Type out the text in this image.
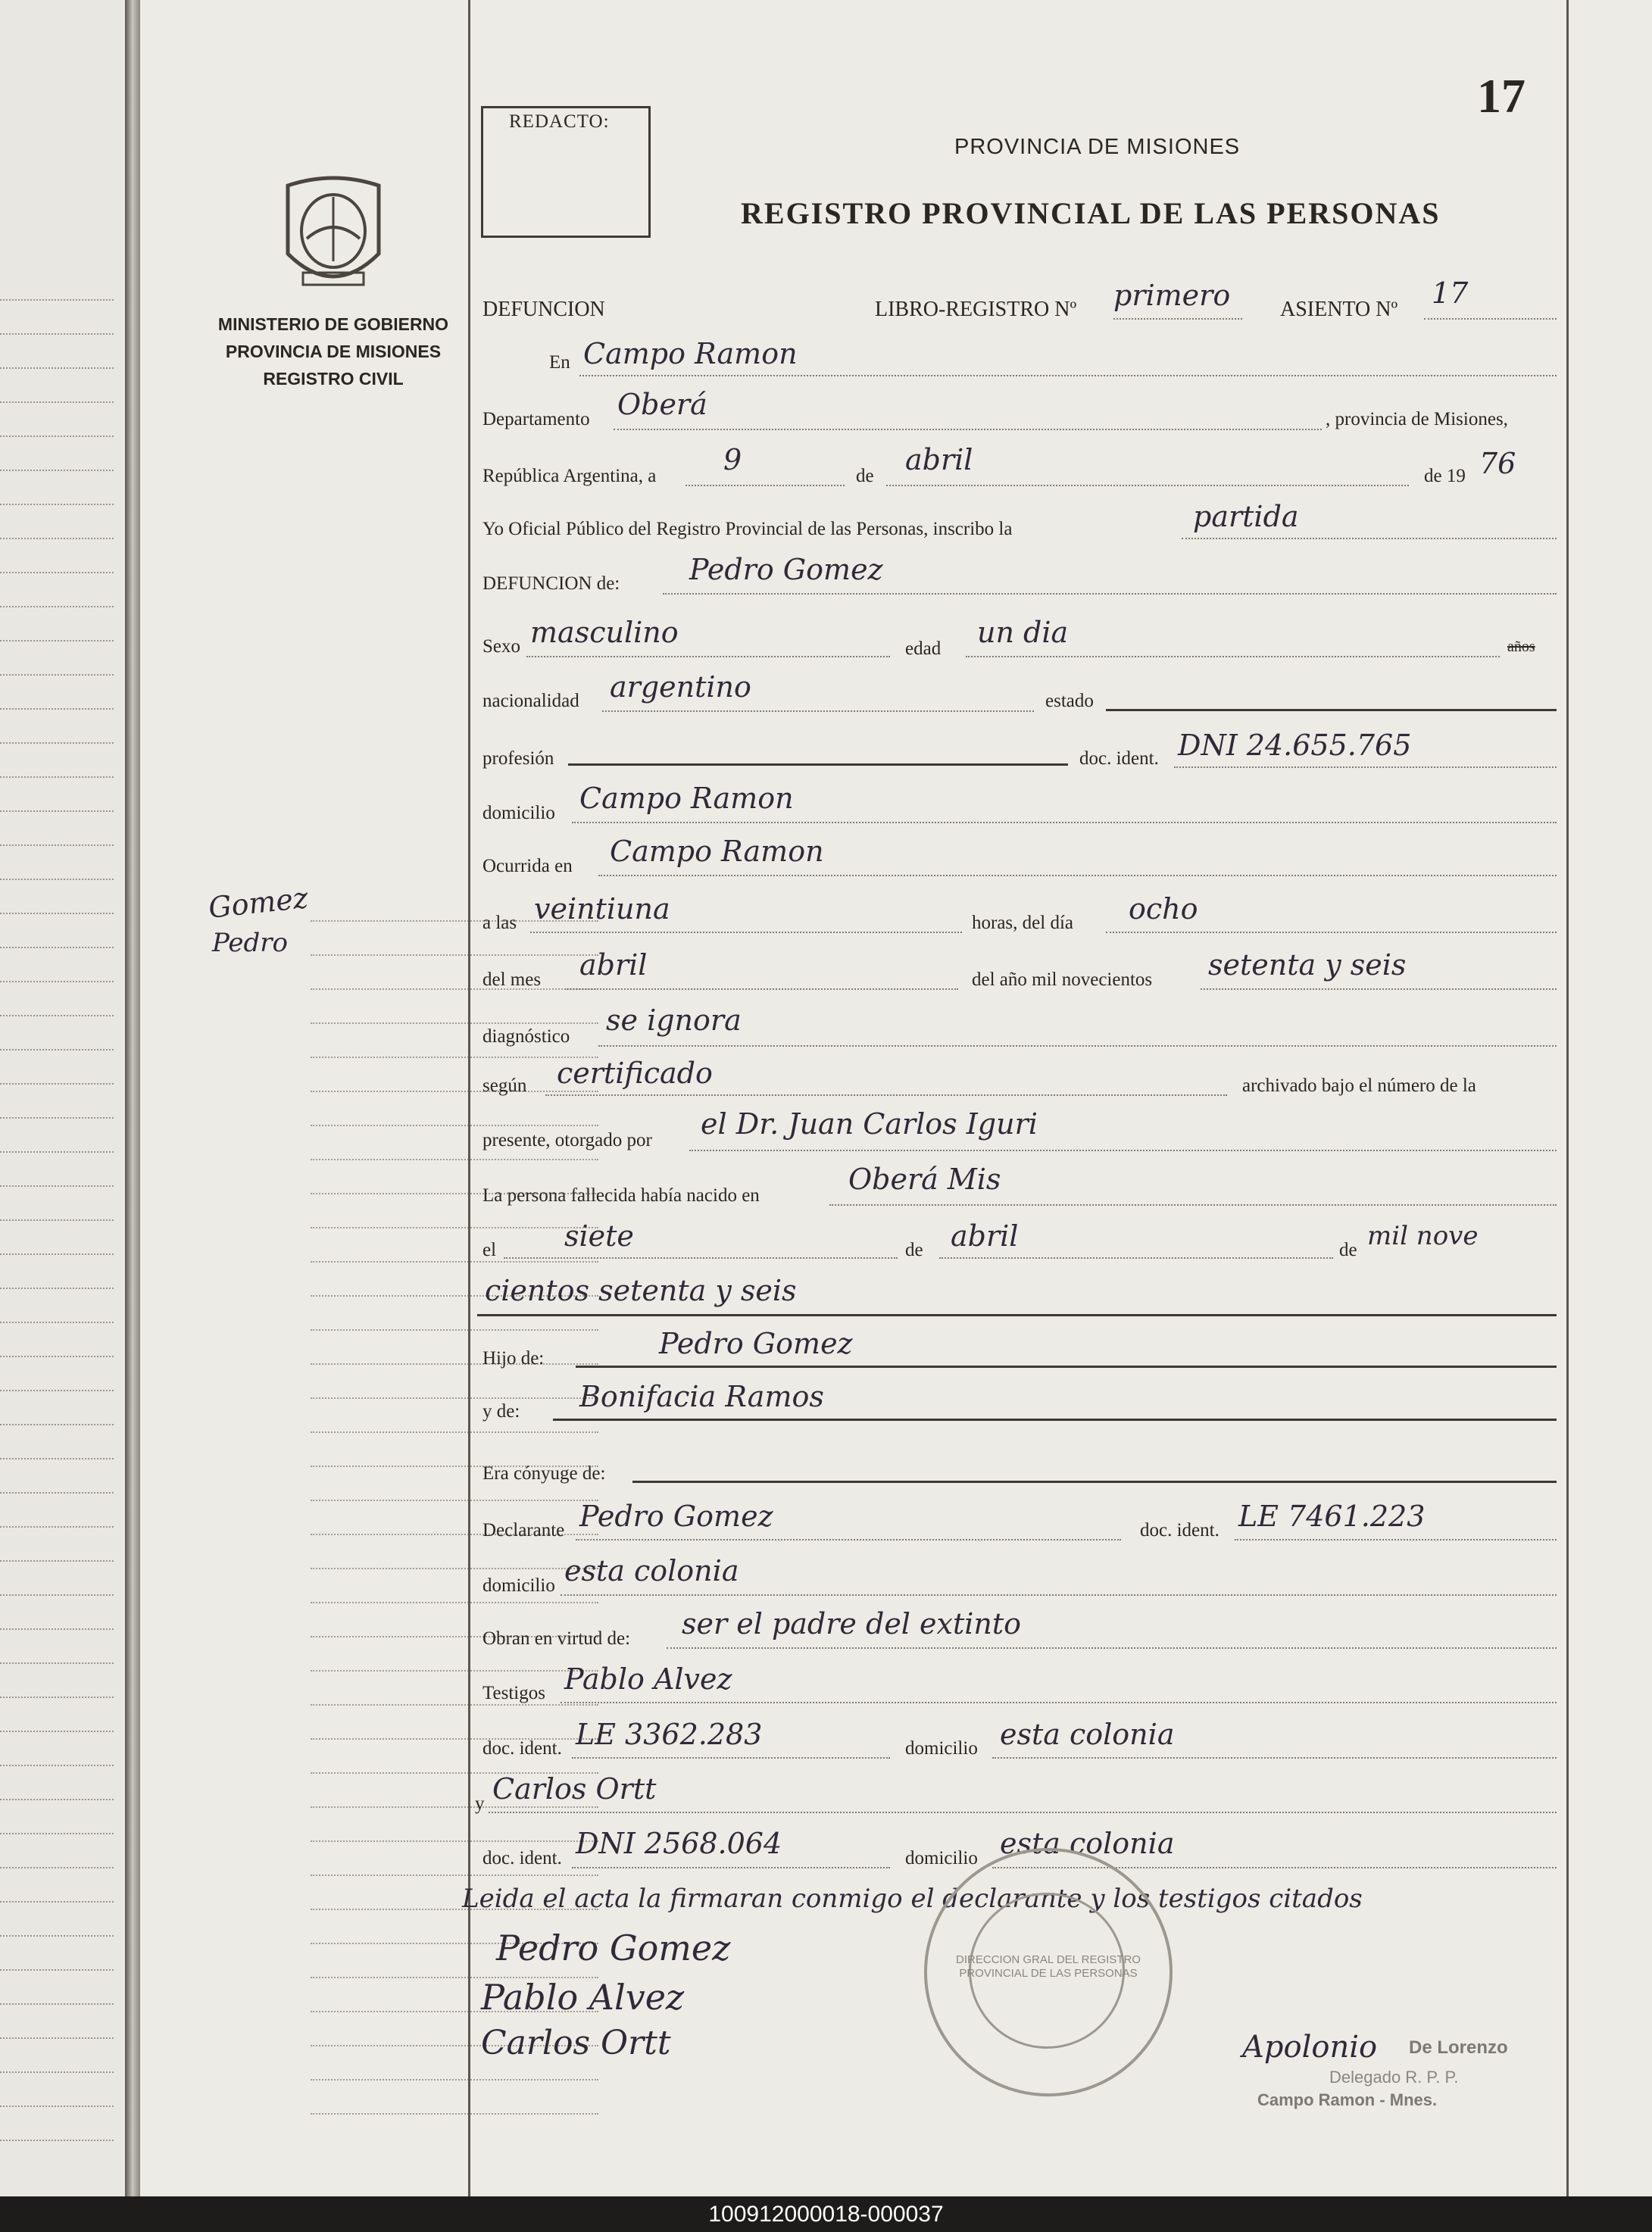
MINISTERIO DE GOBIERNO
PROVINCIA DE MISIONES
REGISTRO CIVIL
Gomez
Pedro
REDACTO:	17
PROVINCIA DE MISIONES
REGISTRO PROVINCIAL DE LAS PERSONAS
DEFUNCION	LIBRO-REGISTRO Nº primero ASIENTO Nº 17
En Campo Ramon
Departamento Oberá	, provincia de Misiones,
República Argentina, a 9	de abril	de 19 76
Yo Oficial Público del Registro Provincial de las Personas, inscribo la	partida
DEFUNCION de: Pedro Gomez
Sexo masculino	edad un dia	años
nacionalidad argentino	estado
profesión	doc. ident. DNI 24.655.765
domicilio Campo Ramon
Ocurrida en Campo Ramon
a las veintiuna	horas, del día ocho
del mes abril	del año mil novecientos setenta y seis
diagnóstico se ignora
según certificado	archivado bajo el número de la
presente, otorgado por el Dr. Juan Carlos Iguri
La persona fallecida había nacido en	Oberá Mis
el siete	de abril	de mil nove
cientos setenta y seis
Hijo de:	Pedro Gomez
y de: Bonifacia Ramos
Era cónyuge de:
Declarante Pedro Gomez	doc. ident. LE 7461.223
domicilio esta colonia
Obran en virtud de: ser el padre del extinto
Testigos Pablo Alvez
doc. ident. LE 3362.283	domicilio esta colonia
y Carlos Ortt
doc. ident. DNI 2568.064	domicilio esta colonia
Leida el acta la firmaran conmigo el declarante y los testigos citados
DIRECCION GRAL DEL REGISTRO PROVINCIAL DE LAS PERSONAS
Pedro Gomez
Pablo Alvez
Carlos Ortt	Apolonio De Lorenzo
Delegado R. P. P.
Campo Ramon - Mnes.
100912000018-000037
